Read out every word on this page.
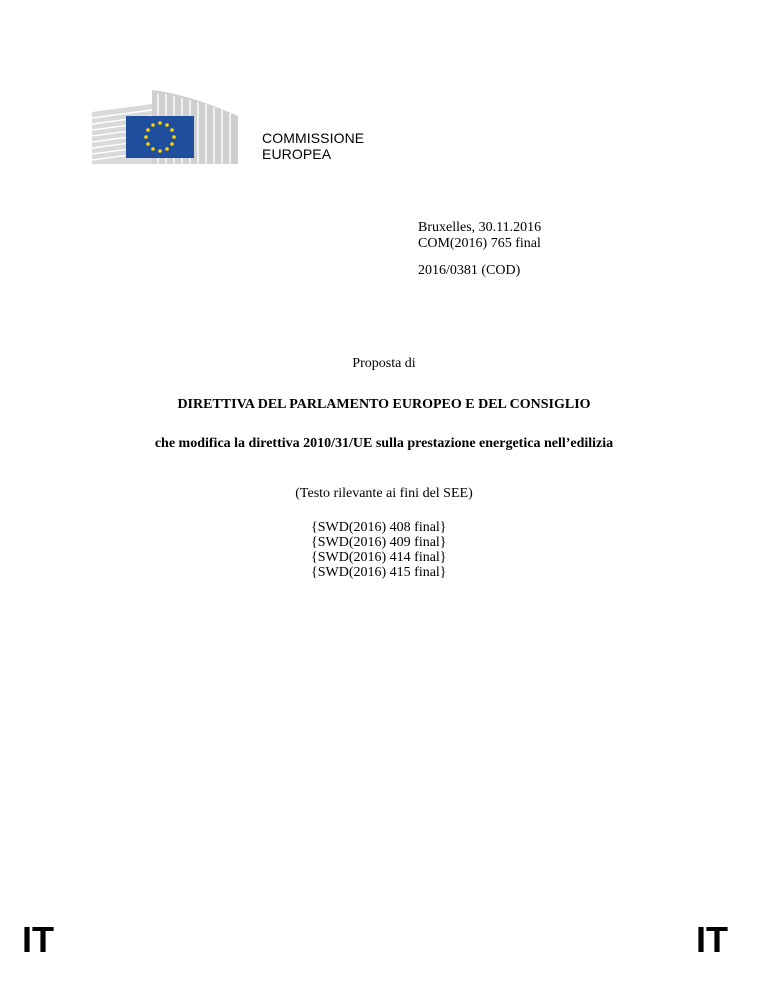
COMMISSIONE
EUROPEA
Bruxelles, 30.11.2016
COM(2016) 765 final
2016/0381 (COD)
Proposta di
DIRETTIVA DEL PARLAMENTO EUROPEO E DEL CONSIGLIO
che modifica la direttiva 2010/31/UE sulla prestazione energetica nell’edilizia
(Testo rilevante ai fini del SEE)
{SWD(2016) 408 final}
{SWD(2016) 409 final}
{SWD(2016) 414 final}
{SWD(2016) 415 final}
IT	IT
